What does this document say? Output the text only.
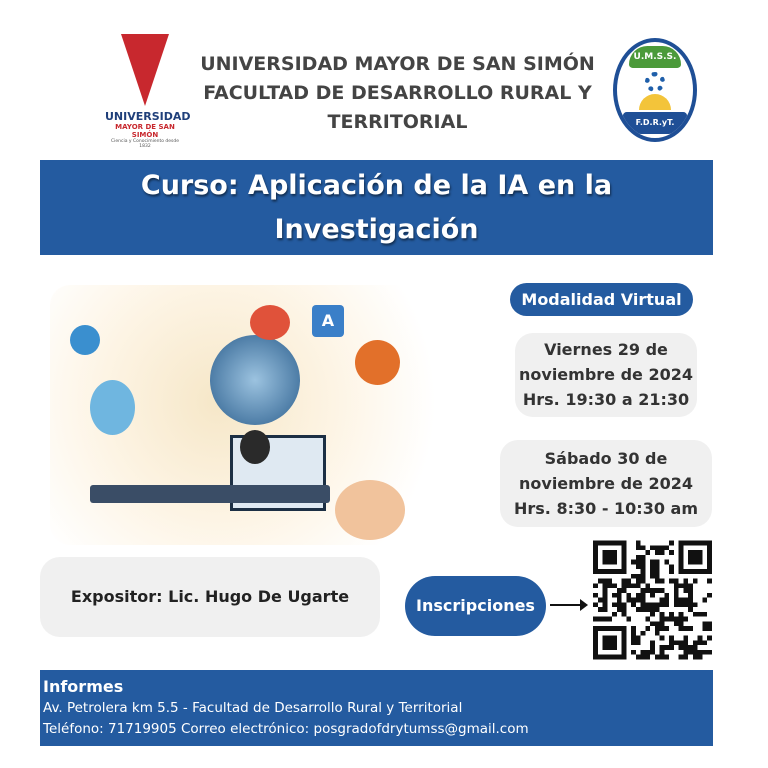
UNIVERSIDAD
MAYOR DE SAN SIMÓN
Ciencia y Conocimiento desde 1832
UNIVERSIDAD MAYOR DE SAN SIMÓN
FACULTAD DE DESARROLLO RURAL Y
TERRITORIAL
U.M.S.S.
F.D.R.yT.
Curso: Aplicación de la IA en la
Investigación
A
Modalidad Virtual
Viernes 29 de
noviembre de 2024
Hrs. 19:30 a 21:30
Sábado 30 de
noviembre de 2024
Hrs. 8:30 - 10:30 am
Expositor: Lic. Hugo De Ugarte	Inscripciones
Informes
Av. Petrolera km 5.5 - Facultad de Desarrollo Rural y Territorial
Teléfono: 71719905 Correo electrónico: posgradofdrytumss@gmail.com
